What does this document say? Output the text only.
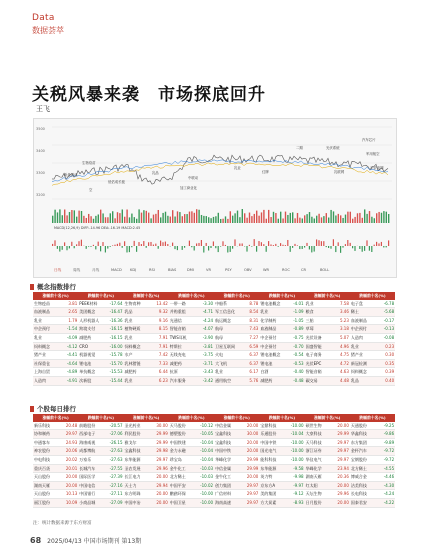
Data
数据荟萃
关税风暴来袭　市场探底回升
王飞
3500
3400
3300
3200
生物疫苗
新盘游戏
空
低估成长板
乳品
中联动
加工商业化
乳业
红牌
二期	光伏系统
乳联网
军用航空
汽车芯片
平价电网
MACD(12,26,9) DIFF:-14.96 DEA:-16.19 MACD:2.45
日线	周线	月线	MACD KDJ	RSI	BIAS	DMI	VR	PSY	OBV	WR	ROC	CR	BOLL
概念指数排行
涨幅前十名(%)		跌幅前十名(%)		涨幅前十名(%)		跌幅前十名(%)		涨幅前十名(%)		跌幅前十名(%)		涨幅前十名(%)		跌幅前十名(%)		
生物疫苗	3.81	PEEK材料	-17.64	生物育种	13.42	一带一路	-3.30	中船系	8.78	锂电池概念	-4.01	乳业	7.58	电子盘	-6.78				
血液制品	2.65	美团概念	-16.47	乳品	9.32	并购重组	-4.71	军工信息化	8.54	乳业	-1.09	粮食	3.46	稀土	-5.68				
乳业	1.79	人形机器人	-16.36	乳业	9.16	光通信	-4.24	航运概念	8.31	化学制药	-1.05	三胎	5.23	血液制品	-0.17				
中企预付	-1.54	跨境支付	-16.15	植物硬质	8.15	智能音箱	-4.07	航母	7.43	血液制品	-0.89	草莓	3.18	中企预付	-0.13				
乳业	-4.09	减肥药	-16.15	乳业	7.91	TWS耳机	-3.90	航母	7.27	中企预付	-0.75	光伏设备	5.07	人造肉	-0.08				
饲料概念	-4.12	CRO	-16.00	饲料概念	7.91	特斯拉	-3.81	卫星互联网	6.59	中企预付	-0.70	国盛智能	4.96	乳业	0.23				
猪产业	-4.41	机器视觉	-15.78	水产	7.42	无线充电	-3.75	火电	6.37	锂电池概念	-0.54	电子商务	4.75	猪产业	0.30				
社保重仓	-4.64	锂电池	-15.70	乳林猪链	7.33	减肥药	-3.71	大飞机	6.37	锂电池	-0.53	光伏EPC	4.72	新冠检测	0.35				
上海自贸	-4.89	单抗概念	-15.53	减肥药	6.44	抗原	-3.43	乳业	6.17	白酒	-0.40	智能音箱	4.63	饲料概念	0.39				
人造肉	-4.91	次新股	-15.44	乳业	6.23	汽车服务	-3.42	通用航空	5.76	减肥药	-0.48	碳交易	4.48	乳品	0.40				
个股每日排行
涨幅前十名(%)		跌幅前十名(%)		涨幅前十名(%)		跌幅前十名(%)		涨幅前十名(%)		跌幅前十名(%)		涨幅前十名(%)		跌幅前十名(%)		
新乐科技	20.48	前瞻股份	-20.57	圣光药业	30.00	天马股份	-10.12	中信金属	20.00	宝鼎科技	-10.00	硕世生物	20.00	天通股份	-9.25				
协和制药	29.97	西部电子	-27.06	利民股份	29.99	德塑股份	-10.05	宝鑫科技	30.00	乐通股份	-10.04	大豪科技	29.99	华鑫科技	-9.86				
中通客车	24.93	海康威视	-26.15	雅戈尔	29.99	中国铁建	-10.04	宝鑫科技	20.00	中国中铁	-10.00	天马科技	29.97	东方集团	-9.89				
神农股份	20.06	成都博航	-27.63	宝鑫科技	29.98	金力永磁	-10.04	中国中铁	20.00	国光电气	-10.00	浙江证券	29.97	金杯汽车	-9.72				
中电科技	20.02	万家乐	-27.63	东华能源	29.97	珍宝岛	-10.04	华峰化学	29.99	能科科技	-10.00	华仪电气	29.97	宝钢股份	-9.72				
重庆百货	20.01	长城汽车	-27.55	圣农发展	29.96	金牛化工	-10.03	中信金属	29.99	东华能源	-9.58	华峰化学	23.94	北方稀土	-4.55				
天山股份	20.00	国际医学	-27.39	长江电力	20.00	北方稀土	-10.03	金牛化工	20.00	英力特	-9.98	湖南天雁	20.36	博威合金	-4.46				
湖南天雁	20.00	中国电信	-27.16	天士力	29.94	中国平安	-10.02	创力集团	29.97	京东方A	-9.97	红太阳	20.00	洁美科技	-4.30				
天山股份	10.13	中国银行	-27.11	东方明珠	20.00	鹏鹞环保	-10.00	广信材料	29.97	美的集团	-9.12	天坛生物	29.96	长电科技	-4.24				
丽江股份	10.09	小商品城	-27.09	中国中冶	20.00	中国卫星	-10.00	海南高速	29.97	方大炭素	-8.93	日月股份	20.00	国泰君安	-4.22				
注：统计数据来源于东方财富
68 2025/04/13 中国市场期刊 第13期
